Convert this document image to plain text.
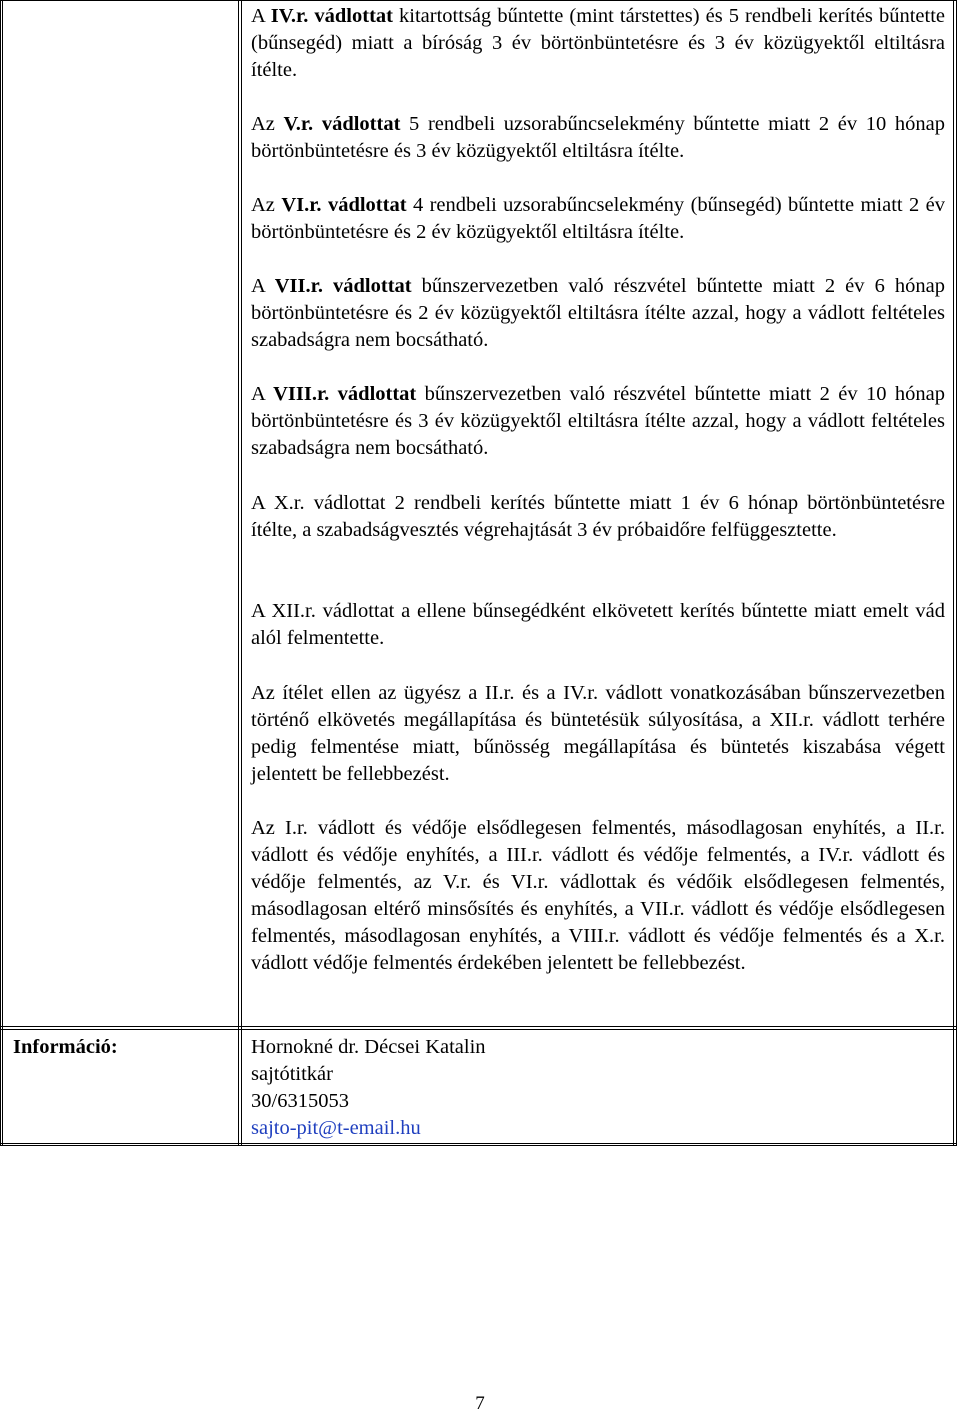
A IV.r. vádlottat kitartottság bűntette (mint társtettes) és 5 rendbeli kerítés bűntette (bűnsegéd) miatt a bíróság 3 év börtönbüntetésre és 3 év közügyektől eltiltásra ítélte.

Az V.r. vádlottat 5 rendbeli uzsorabűncselekmény bűntette miatt 2 év 10 hónap börtönbüntetésre és 3 év közügyektől eltiltásra ítélte.

Az VI.r. vádlottat 4 rendbeli uzsorabűncselekmény (bűnsegéd) bűntette miatt 2 év börtönbüntetésre és 2 év közügyektől eltiltásra ítélte.

A VII.r. vádlottat bűnszervezetben való részvétel bűntette miatt 2 év 6 hónap börtönbüntetésre és 2 év közügyektől eltiltásra ítélte azzal, hogy a vádlott feltételes szabadságra nem bocsátható.

A VIII.r. vádlottat bűnszervezetben való részvétel bűntette miatt 2 év 10 hónap börtönbüntetésre és 3 év közügyektől eltiltásra ítélte azzal, hogy a vádlott feltételes szabadságra nem bocsátható.

A X.r. vádlottat 2 rendbeli kerítés bűntette miatt 1 év 6 hónap börtönbüntetésre ítélte, a szabadságvesztés végrehajtását 3 év próbaidőre felfüggesztette.

A XII.r. vádlottat a ellene bűnsegédként elkövetett kerítés bűntette miatt emelt vád alól felmentette.

Az ítélet ellen az ügyész a II.r. és a IV.r. vádlott vonatkozásában bűnszervezetben történő elkövetés megállapítása és büntetésük súlyosítása, a XII.r. vádlott terhére pedig felmentése miatt, bűnösség megállapítása és büntetés kiszabása végett jelentett be fellebbezést.

Az I.r. vádlott és védője elsődlegesen felmentés, másodlagosan enyhítés, a II.r. vádlott és védője enyhítés, a III.r. vádlott és védője felmentés, a IV.r. vádlott és védője felmentés, az V.r. és VI.r. vádlottak és védőik elsődlegesen felmentés, másodlagosan eltérő minsősítés és enyhítés, a VII.r. vádlott és védője elsődlegesen felmentés, másodlagosan enyhítés, a VIII.r. vádlott és védője felmentés és a X.r. vádlott védője felmentés érdekében jelentett be fellebbezést.

Információ:	Hornokné dr. Décsei Katalin
sajtótitkár
30/6315053
sajto-pit@t-email.hu
7
